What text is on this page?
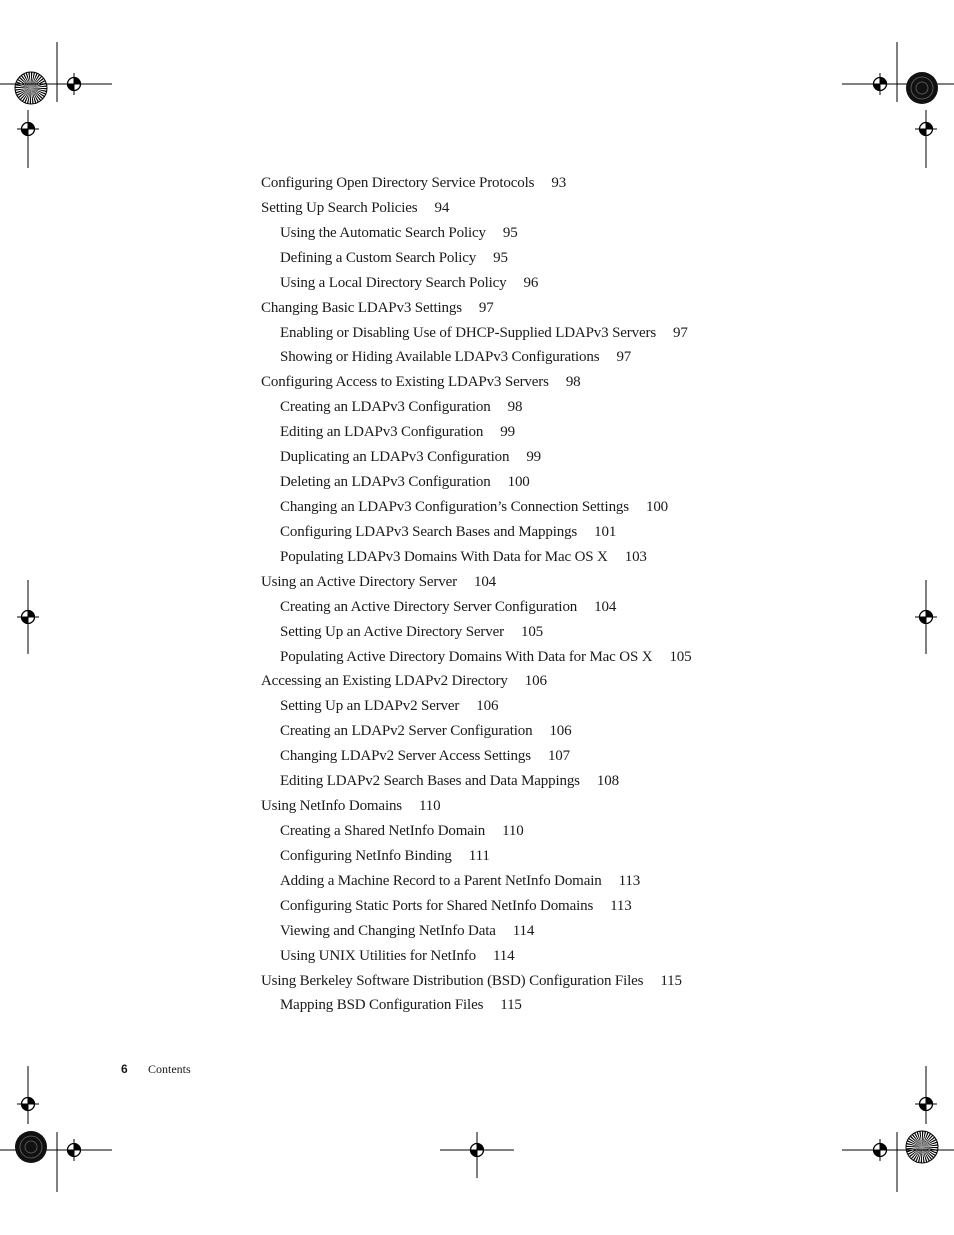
Configuring Open Directory Service Protocols 93
Setting Up Search Policies 94
Using the Automatic Search Policy 95
Defining a Custom Search Policy 95
Using a Local Directory Search Policy 96
Changing Basic LDAPv3 Settings 97
Enabling or Disabling Use of DHCP-Supplied LDAPv3 Servers 97
Showing or Hiding Available LDAPv3 Configurations 97
Configuring Access to Existing LDAPv3 Servers 98
Creating an LDAPv3 Configuration 98
Editing an LDAPv3 Configuration 99
Duplicating an LDAPv3 Configuration 99
Deleting an LDAPv3 Configuration 100
Changing an LDAPv3 Configuration’s Connection Settings 100
Configuring LDAPv3 Search Bases and Mappings 101
Populating LDAPv3 Domains With Data for Mac OS X 103
Using an Active Directory Server 104
Creating an Active Directory Server Configuration 104
Setting Up an Active Directory Server 105
Populating Active Directory Domains With Data for Mac OS X 105
Accessing an Existing LDAPv2 Directory 106
Setting Up an LDAPv2 Server 106
Creating an LDAPv2 Server Configuration 106
Changing LDAPv2 Server Access Settings 107
Editing LDAPv2 Search Bases and Data Mappings 108
Using NetInfo Domains 110
Creating a Shared NetInfo Domain 110
Configuring NetInfo Binding 111
Adding a Machine Record to a Parent NetInfo Domain 113
Configuring Static Ports for Shared NetInfo Domains 113
Viewing and Changing NetInfo Data 114
Using UNIX Utilities for NetInfo 114
Using Berkeley Software Distribution (BSD) Configuration Files 115
Mapping BSD Configuration Files 115
6 Contents
